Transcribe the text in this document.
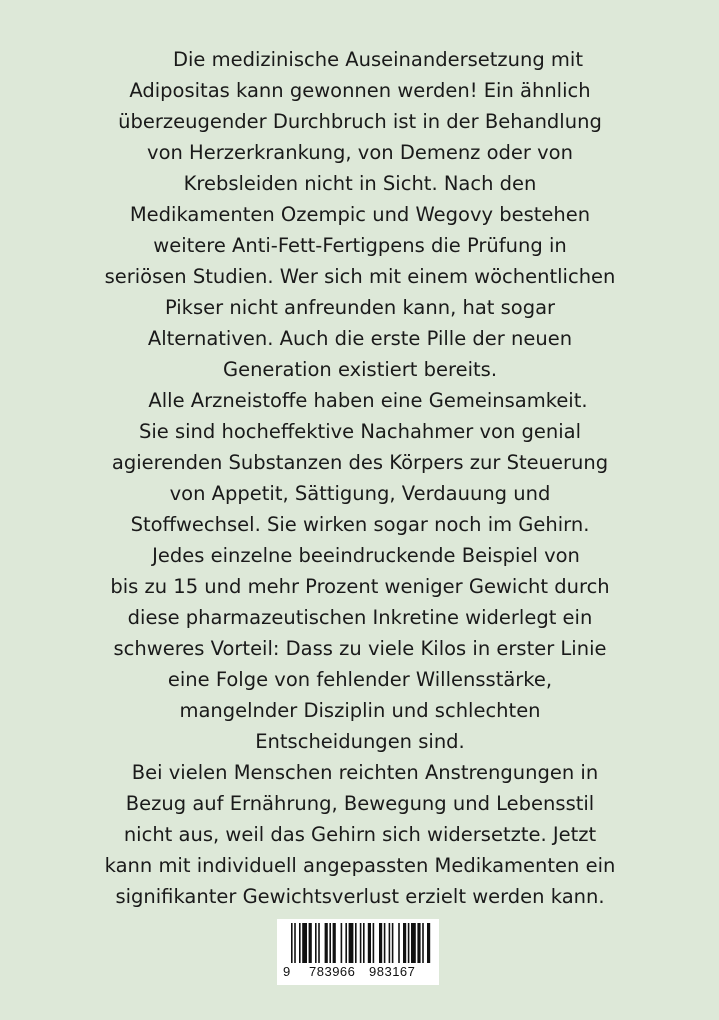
Die medizinische Auseinandersetzung mit
Adipositas kann gewonnen werden! Ein ähnlich
überzeugender Durchbruch ist in der Behandlung
von Herzerkrankung, von Demenz oder von
Krebsleiden nicht in Sicht. Nach den
Medikamenten Ozempic und Wegovy bestehen
weitere Anti-Fett-Fertigpens die Prüfung in
seriösen Studien. Wer sich mit einem wöchentlichen
Pikser nicht anfreunden kann, hat sogar
Alternativen. Auch die erste Pille der neuen
Generation existiert bereits.
Alle Arzneistoffe haben eine Gemeinsamkeit.
Sie sind hocheffektive Nachahmer von genial
agierenden Substanzen des Körpers zur Steuerung
von Appetit, Sättigung, Verdauung und
Stoffwechsel. Sie wirken sogar noch im Gehirn.
Jedes einzelne beeindruckende Beispiel von
bis zu 15 und mehr Prozent weniger Gewicht durch
diese pharmazeutischen Inkretine widerlegt ein
schweres Vorteil: Dass zu viele Kilos in erster Linie
eine Folge von fehlender Willensstärke,
mangelnder Disziplin und schlechten
Entscheidungen sind.
Bei vielen Menschen reichten Anstrengungen in
Bezug auf Ernährung, Bewegung und Lebensstil
nicht aus, weil das Gehirn sich widersetzte. Jetzt
kann mit individuell angepassten Medikamenten ein
signifikanter Gewichtsverlust erzielt werden kann.
9 783966 983167
